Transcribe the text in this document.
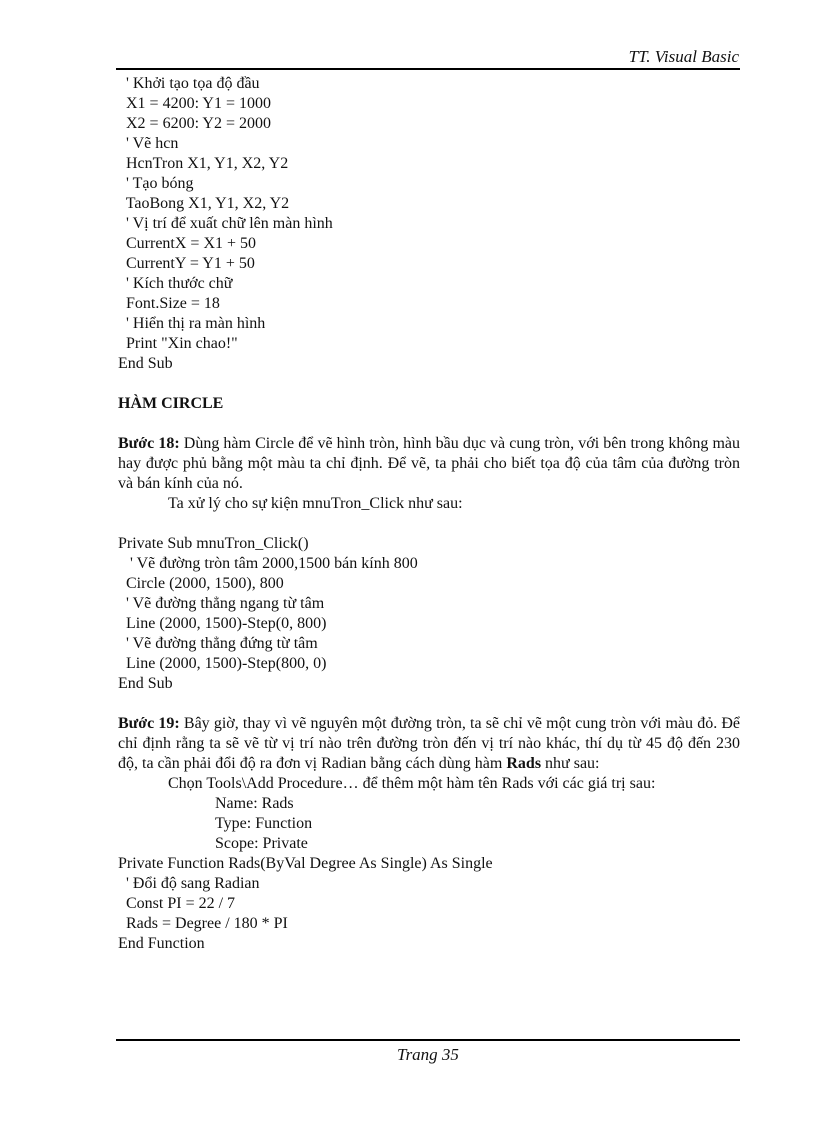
TT. Visual Basic

' Khởi tạo tọa độ đầu
X1 = 4200: Y1 = 1000
X2 = 6200: Y2 = 2000
' Vẽ hcn
HcnTron X1, Y1, X2, Y2
' Tạo bóng
TaoBong X1, Y1, X2, Y2
' Vị trí để xuất chữ lên màn hình
CurrentX = X1 + 50
CurrentY = Y1 + 50
' Kích thước chữ
Font.Size = 18
' Hiển thị ra màn hình
Print "Xin chao!"
End Sub
HÀM CIRCLE

Bước 18: Dùng hàm Circle để vẽ hình tròn, hình bầu dục và cung tròn, với bên trong không màu hay được phủ bằng một màu ta chỉ định. Để vẽ, ta phải cho biết tọa độ của tâm của đường tròn và bán kính của nó.

Ta xử lý cho sự kiện mnuTron_Click như sau:
Private Sub mnuTron_Click()
' Vẽ đường tròn tâm 2000,1500 bán kính 800
Circle (2000, 1500), 800
' Vẽ đường thẳng ngang từ tâm
Line (2000, 1500)-Step(0, 800)
' Vẽ đường thẳng đứng từ tâm
Line (2000, 1500)-Step(800, 0)
End Sub

Bước 19: Bây giờ, thay vì vẽ nguyên một đường tròn, ta sẽ chỉ vẽ một cung tròn với màu đỏ. Để chỉ định rằng ta sẽ vẽ từ vị trí nào trên đường tròn đến vị trí nào khác, thí dụ từ 45 độ đến 230 độ, ta cần phải đổi độ ra đơn vị Radian bằng cách dùng hàm Rads như sau:

Chọn Tools\Add Procedure… để thêm một hàm tên Rads với các giá trị sau:
Name: Rads
Type: Function
Scope: Private
Private Function Rads(ByVal Degree As Single) As Single
' Đổi độ sang Radian
Const PI = 22 / 7
Rads = Degree / 180 * PI
End Function

Trang 35
